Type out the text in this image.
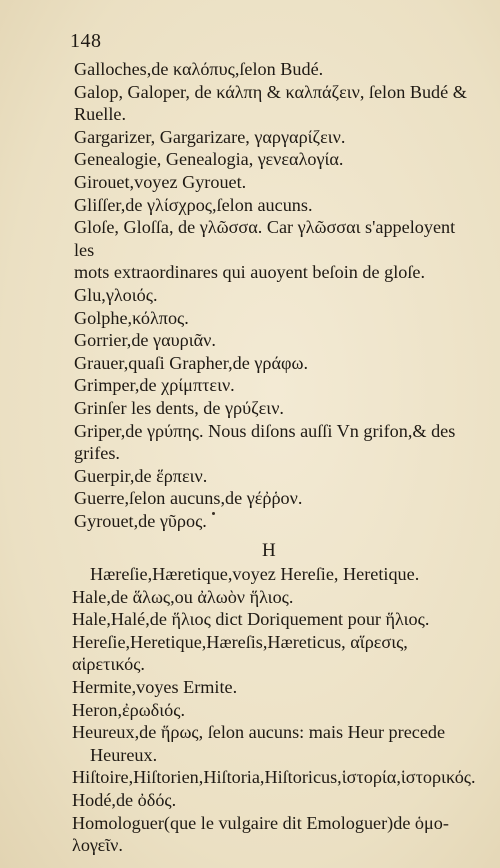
148
Galloches,de καλόπυς,ſelon Budé.
Galop, Galoper, de κάλπη & καλπάζειν, ſelon Budé &
Ruelle.
Gargarizer, Gargarizare, γαργαρίζειν.
Genealogie, Genealogia, γενεαλογία.
Girouet,voyez Gyrouet.
Gliſſer,de γλίσχρος,ſelon aucuns.
Gloſe, Gloſſa, de γλῶσσα. Car γλῶσσαι s'appeloyent les
mots extraordinares qui auoyent beſoin de gloſe.
Glu,γλοιός.
Golphe,κόλπος.
Gorrier,de γαυριᾶν.
Grauer,quaſi Grapher,de γράφω.
Grimper,de χρίμπτειν.
Grinſer les dents, de γρύζειν.
Griper,de γρύπης. Nous diſons auſſi Vn grifon,& des
grifes.
Guerpir,de ἕρπειν.
Guerre,ſelon aucuns,de γέῤῥον.
Gyrouet,de γῦρος.
H
Hæreſie,Hæretique,voyez Hereſie, Heretique.
Hale,de ἅλως,ou ἀλωὸν ἥλιος.
Hale,Halé,de ἥλιος dict Doriquement pour ἥλιος.
Hereſie,Heretique,Hæreſis,Hæreticus, αἵρεσις, αἱρετικός.
Hermite,voyes Ermite.
Heron,ἐρωδιός.
Heureux,de ἥρως, ſelon aucuns: mais Heur precede
Heureux.
Hiſtoire,Hiſtorien,Hiſtoria,Hiſtoricus,ἱστορία,ἱστορικός.
Hodé,de ὀδός.
Homologuer(que le vulgaire dit Emologuer)de ὁμο-
λογεῖν.
